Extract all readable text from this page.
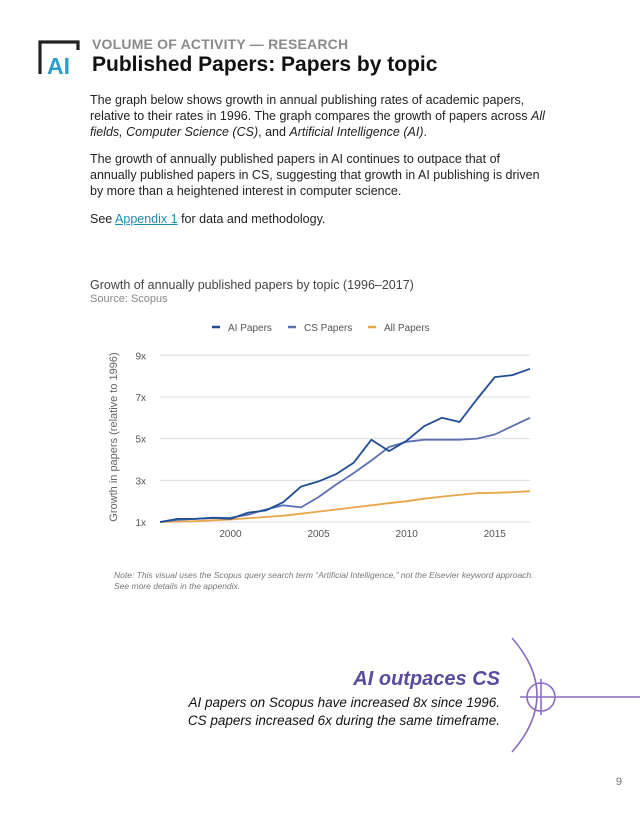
AI
VOLUME OF ACTIVITY — RESEARCH
Published Papers: Papers by topic
The graph below shows growth in annual publishing rates of academic papers, relative to their rates in 1996. The graph compares the growth of papers across All fields, Computer Science (CS), and Artificial Intelligence (AI).
The growth of annually published papers in AI continues to outpace that of annually published papers in CS, suggesting that growth in AI publishing is driven by more than a heightened interest in computer science.
See Appendix 1 for data and methodology.
Growth of annually published papers by topic (1996–2017)
Source: Scopus
AI Papers	CS Papers	All Papers
1x
3x
5x
7x
9x
2000	2005	2010	2015
Growth in papers (relative to 1996)
Note: This visual uses the Scopus query search term “Artificial Intelligence,” not the Elsevier keyword approach. See more details in the appendix.
AI outpaces CS
AI papers on Scopus have increased 8x since 1996.
CS papers increased 6x during the same timeframe.
9
